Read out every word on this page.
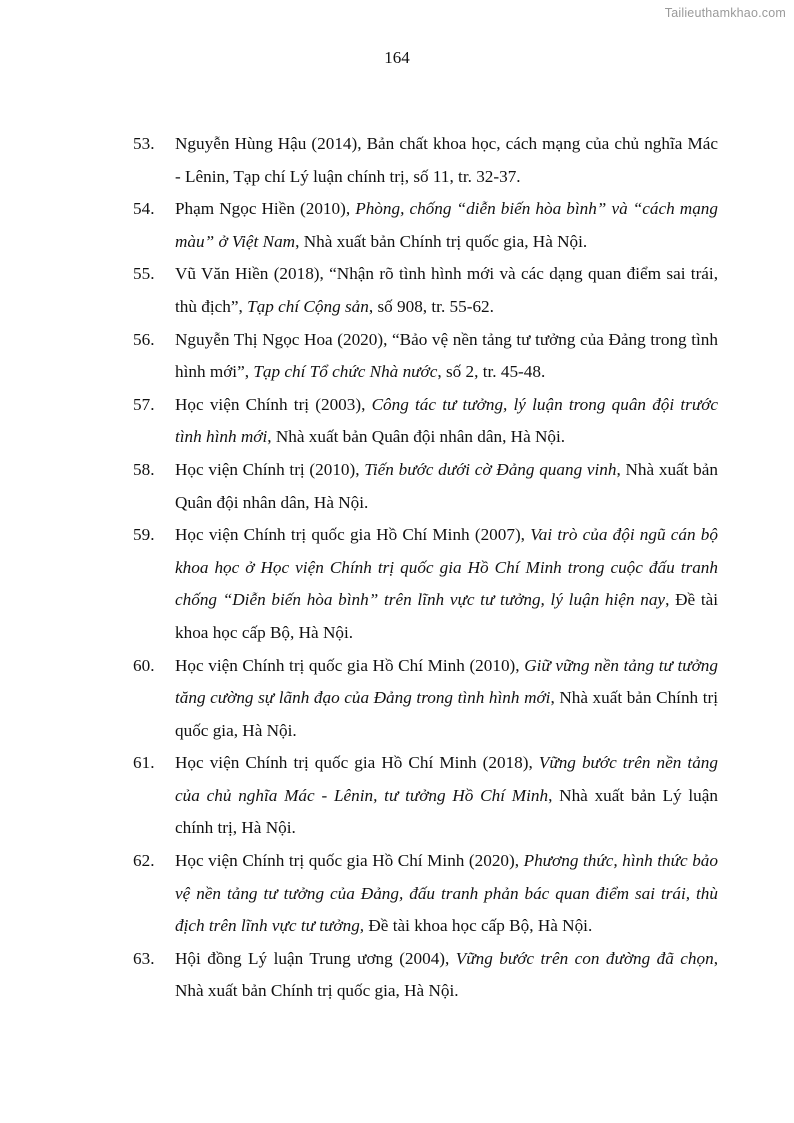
Tailieuthamkhao.com
164
53. Nguyễn Hùng Hậu (2014), Bản chất khoa học, cách mạng của chủ nghĩa Mác - Lênin, Tạp chí Lý luận chính trị, số 11, tr. 32-37.
54. Phạm Ngọc Hiền (2010), Phòng, chống “diễn biến hòa bình” và “cách mạng màu” ở Việt Nam, Nhà xuất bản Chính trị quốc gia, Hà Nội.
55. Vũ Văn Hiền (2018), “Nhận rõ tình hình mới và các dạng quan điểm sai trái, thù địch”, Tạp chí Cộng sản, số 908, tr. 55-62.
56. Nguyễn Thị Ngọc Hoa (2020), “Bảo vệ nền tảng tư tưởng của Đảng trong tình hình mới”, Tạp chí Tổ chức Nhà nước, số 2, tr. 45-48.
57. Học viện Chính trị (2003), Công tác tư tưởng, lý luận trong quân đội trước tình hình mới, Nhà xuất bản Quân đội nhân dân, Hà Nội.
58. Học viện Chính trị (2010), Tiến bước dưới cờ Đảng quang vinh, Nhà xuất bản Quân đội nhân dân, Hà Nội.
59. Học viện Chính trị quốc gia Hồ Chí Minh (2007), Vai trò của đội ngũ cán bộ khoa học ở Học viện Chính trị quốc gia Hồ Chí Minh trong cuộc đấu tranh chống “Diễn biến hòa bình” trên lĩnh vực tư tưởng, lý luận hiện nay, Đề tài khoa học cấp Bộ, Hà Nội.
60. Học viện Chính trị quốc gia Hồ Chí Minh (2010), Giữ vững nền tảng tư tưởng tăng cường sự lãnh đạo của Đảng trong tình hình mới, Nhà xuất bản Chính trị quốc gia, Hà Nội.
61. Học viện Chính trị quốc gia Hồ Chí Minh (2018), Vững bước trên nền tảng của chủ nghĩa Mác - Lênin, tư tưởng Hồ Chí Minh, Nhà xuất bản Lý luận chính trị, Hà Nội.
62. Học viện Chính trị quốc gia Hồ Chí Minh (2020), Phương thức, hình thức bảo vệ nền tảng tư tưởng của Đảng, đấu tranh phản bác quan điểm sai trái, thù địch trên lĩnh vực tư tưởng, Đề tài khoa học cấp Bộ, Hà Nội.
63. Hội đồng Lý luận Trung ương (2004), Vững bước trên con đường đã chọn, Nhà xuất bản Chính trị quốc gia, Hà Nội.
